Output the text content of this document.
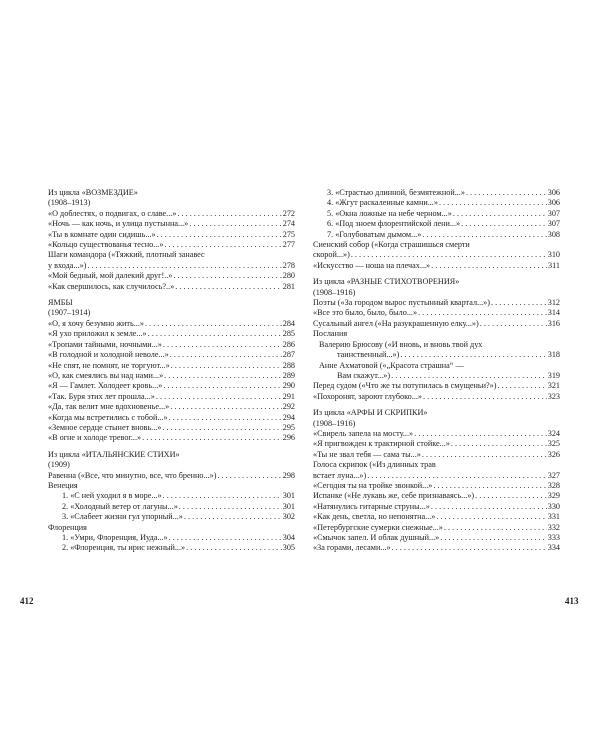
Из цикла «ВОЗМЕЗДИЕ»
(1908–1913)
«О доблестях, о подвигах, о славе...» . . .	272
«Ночь — как ночь, и улица пустынна...» . . .	274
«Ты в комнате один сидишь...» . . .	275
«Кольцо существованья тесно...» . . .	277
Шаги командора («Тяжкий, плотный занавес
у входа...») . . .	278
«Мой бедный, мой далекий друг!..» . . .	280
«Как свершилось, как случилось?..» . . .	281
ЯМБЫ
(1907–1914)
«О, я хочу безумно жить...» . . .	284
«Я ухо приложил к земле...» . . .	285
«Тропами тайными, ночными...» . . .	286
«В голодной и холодной неволе...» . . .	287
«Не спят, не помнят, не торгуют...» . . .	288
«О, как смеялись вы над нами...» . . .	289
«Я — Гамлет. Холодеет кровь...» . . .	290
«Так. Буря этих лет прошла...» . . .	291
«Да, так велит мне вдохновенье...» . . .	292
«Когда мы встретились с тобой...» . . .	294
«Земное сердце стынет вновь...» . . .	295
«В огне и холоде тревог...» . . .	296
Из цикла «ИТАЛЬЯНСКИЕ СТИХИ»
(1909)
Равенна («Все, что минутно, все, что бренно...») . . .	298
Венеция
1. «С ней уходил я в море...» . . .	301
2. «Холодный ветер от лагуны...» . . .	301
3. «Слабеет жизни гул упорный...» . . .	302
Флоренция
1. «Умри, Флоренция, Иуда...» . . .	304
2. «Флоренция, ты ирис нежный...» . . .	305
3. «Страстью длинной, безмятежной...» . . .	306
4. «Жгут раскаленные камни...» . . .	306
5. «Окна ложные на небе черном...» . . .	307
6. «Под зноем флорентийской лени...» . . .	307
7. «Голубоватым дымом...» . . .	308
Сиенский собор («Когда страшишься смерти
скорой...») . . .	310
«Искусство — ноша на плечах...» . . .	311
Из цикла «РАЗНЫЕ СТИХОТВОРЕНИЯ»
(1908–1916)
Поэты («За городом вырос пустынный квартал...») . . .	312
«Все это было, было, было...» . . .	314
Сусальный ангел («На разукрашенную елку...») . . .	316
Послания
Валерию Брюсову («И вновь, и вновь твой дух
таинственный...») . . .	318
Анне Ахматовой («„Красота страшна“ —
Вам скажут...») . . .	319
Перед судом («Что же ты потупилась в смущеньи?») . . .	321
«Похоронят, зароют глубоко...» . . .	323
Из цикла «АРФЫ И СКРИПКИ»
(1908–1916)
«Свирель запела на мосту...» . . .	324
«Я пригвожден к трактирной стойке...» . . .	325
«Ты не звал тебя — сама ты...» . . .	326
Голоса скрипок («Из длинных трав
встает луна...») . . .	327
«Сегодня ты на тройке звонкой...» . . .	328
Испанке («Не лукавь же, себе признаваясь...») . . .	329
«Натянулись гитарные струны...» . . .	330
«Как день, светла, но непонятна...» . . .	331
«Петербургские сумерки снежные...» . . .	332
«Смычок запел. И облак душный...» . . .	333
«За горами, лесами...» . . .	334
412	413
